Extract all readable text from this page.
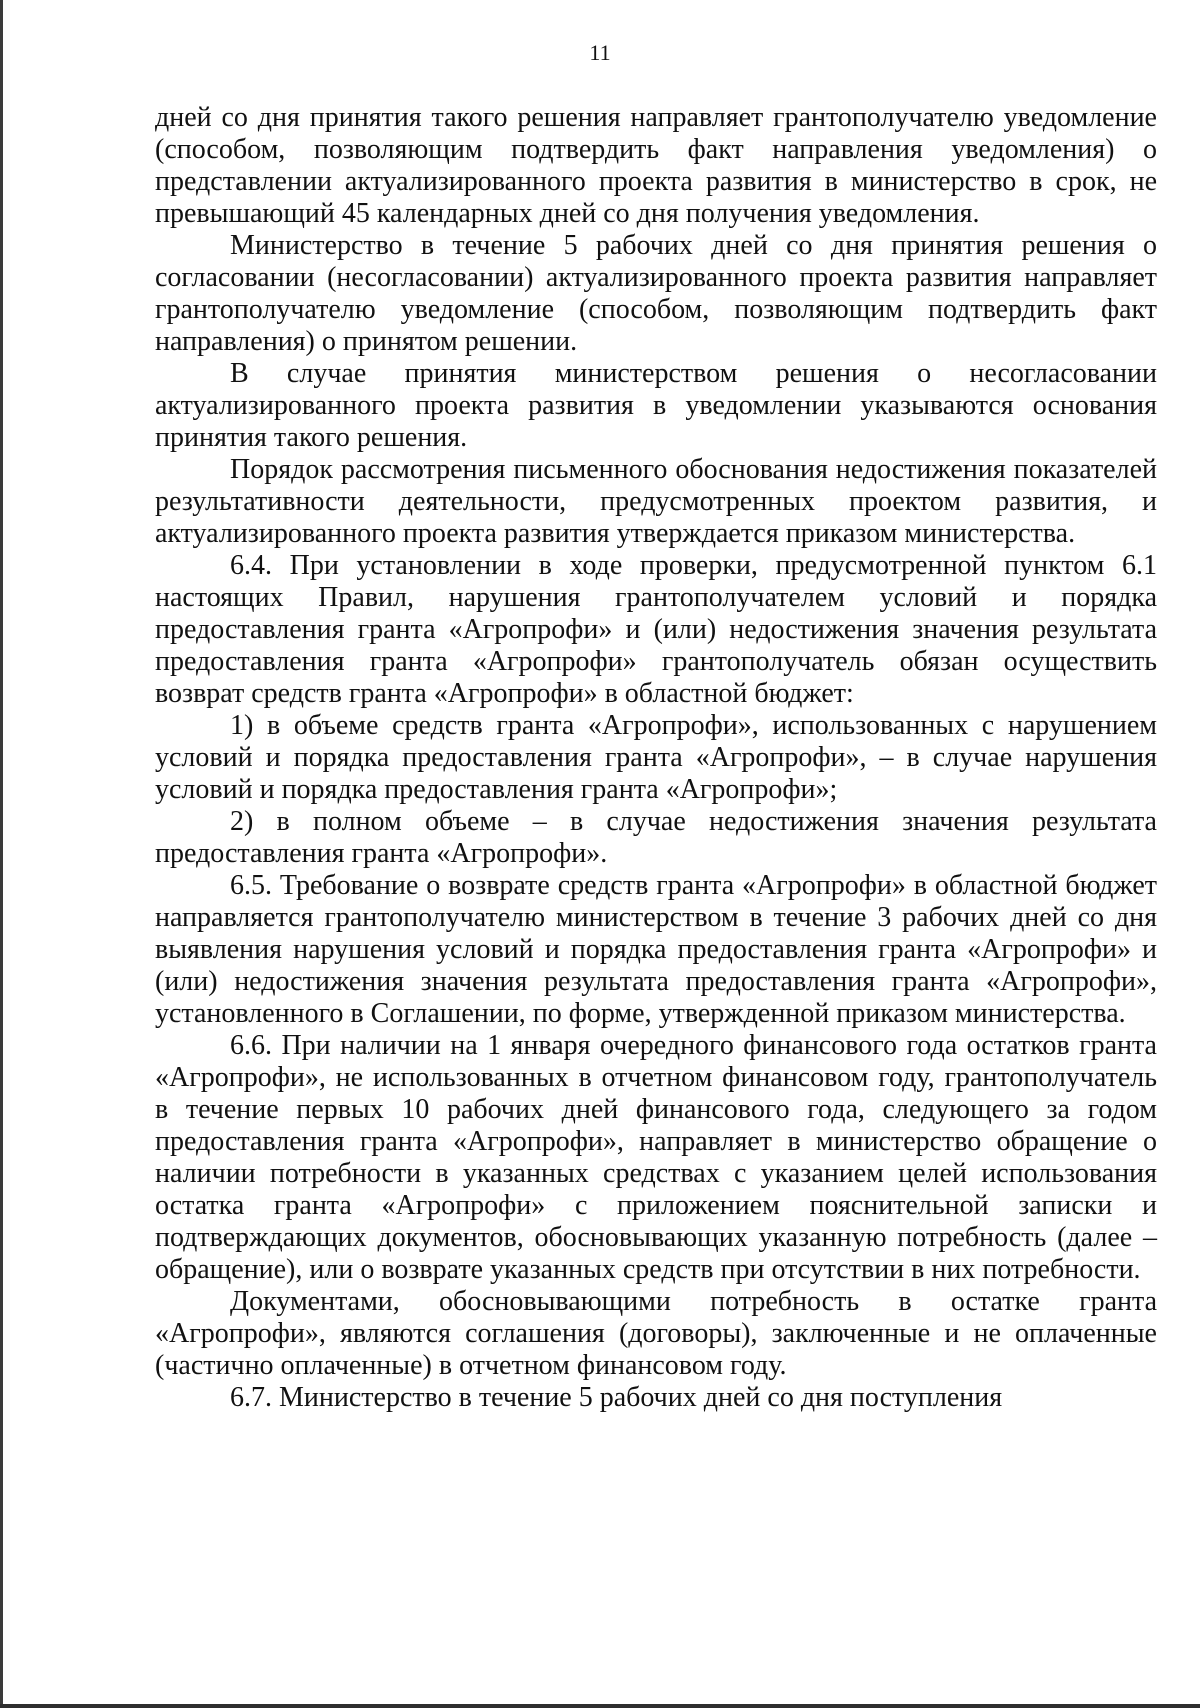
11

дней со дня принятия такого решения направляет грантополучателю уведомление (способом, позволяющим подтвердить факт направления уведомления) о представлении актуализированного проекта развития в министерство в срок, не превышающий 45 календарных дней со дня получения уведомления.

Министерство в течение 5 рабочих дней со дня принятия решения о согласовании (несогласовании) актуализированного проекта развития направляет грантополучателю уведомление (способом, позволяющим подтвердить факт направления) о принятом решении.

В случае принятия министерством решения о несогласовании актуализированного проекта развития в уведомлении указываются основания принятия такого решения.

Порядок рассмотрения письменного обоснования недостижения показателей результативности деятельности, предусмотренных проектом развития, и актуализированного проекта развития утверждается приказом министерства.

6.4. При установлении в ходе проверки, предусмотренной пунктом 6.1 настоящих Правил, нарушения грантополучателем условий и порядка предоставления гранта «Агропрофи» и (или) недостижения значения результата предоставления гранта «Агропрофи» грантополучатель обязан осуществить возврат средств гранта «Агропрофи» в областной бюджет:

1) в объеме средств гранта «Агропрофи», использованных с нарушением условий и порядка предоставления гранта «Агропрофи», – в случае нарушения условий и порядка предоставления гранта «Агропрофи»;

2) в полном объеме – в случае недостижения значения результата предоставления гранта «Агропрофи».

6.5. Требование о возврате средств гранта «Агропрофи» в областной бюджет направляется грантополучателю министерством в течение 3 рабочих дней со дня выявления нарушения условий и порядка предоставления гранта «Агропрофи» и (или) недостижения значения результата предоставления гранта «Агропрофи», установленного в Соглашении, по форме, утвержденной приказом министерства.

6.6. При наличии на 1 января очередного финансового года остатков гранта «Агропрофи», не использованных в отчетном финансовом году, грантополучатель в течение первых 10 рабочих дней финансового года, следующего за годом предоставления гранта «Агропрофи», направляет в министерство обращение о наличии потребности в указанных средствах с указанием целей использования остатка гранта «Агропрофи» с приложением пояснительной записки и подтверждающих документов, обосновывающих указанную потребность (далее – обращение), или о возврате указанных средств при отсутствии в них потребности.

Документами, обосновывающими потребность в остатке гранта «Агропрофи», являются соглашения (договоры), заключенные и не оплаченные (частично оплаченные) в отчетном финансовом году.

6.7. Министерство в течение 5 рабочих дней со дня поступления
